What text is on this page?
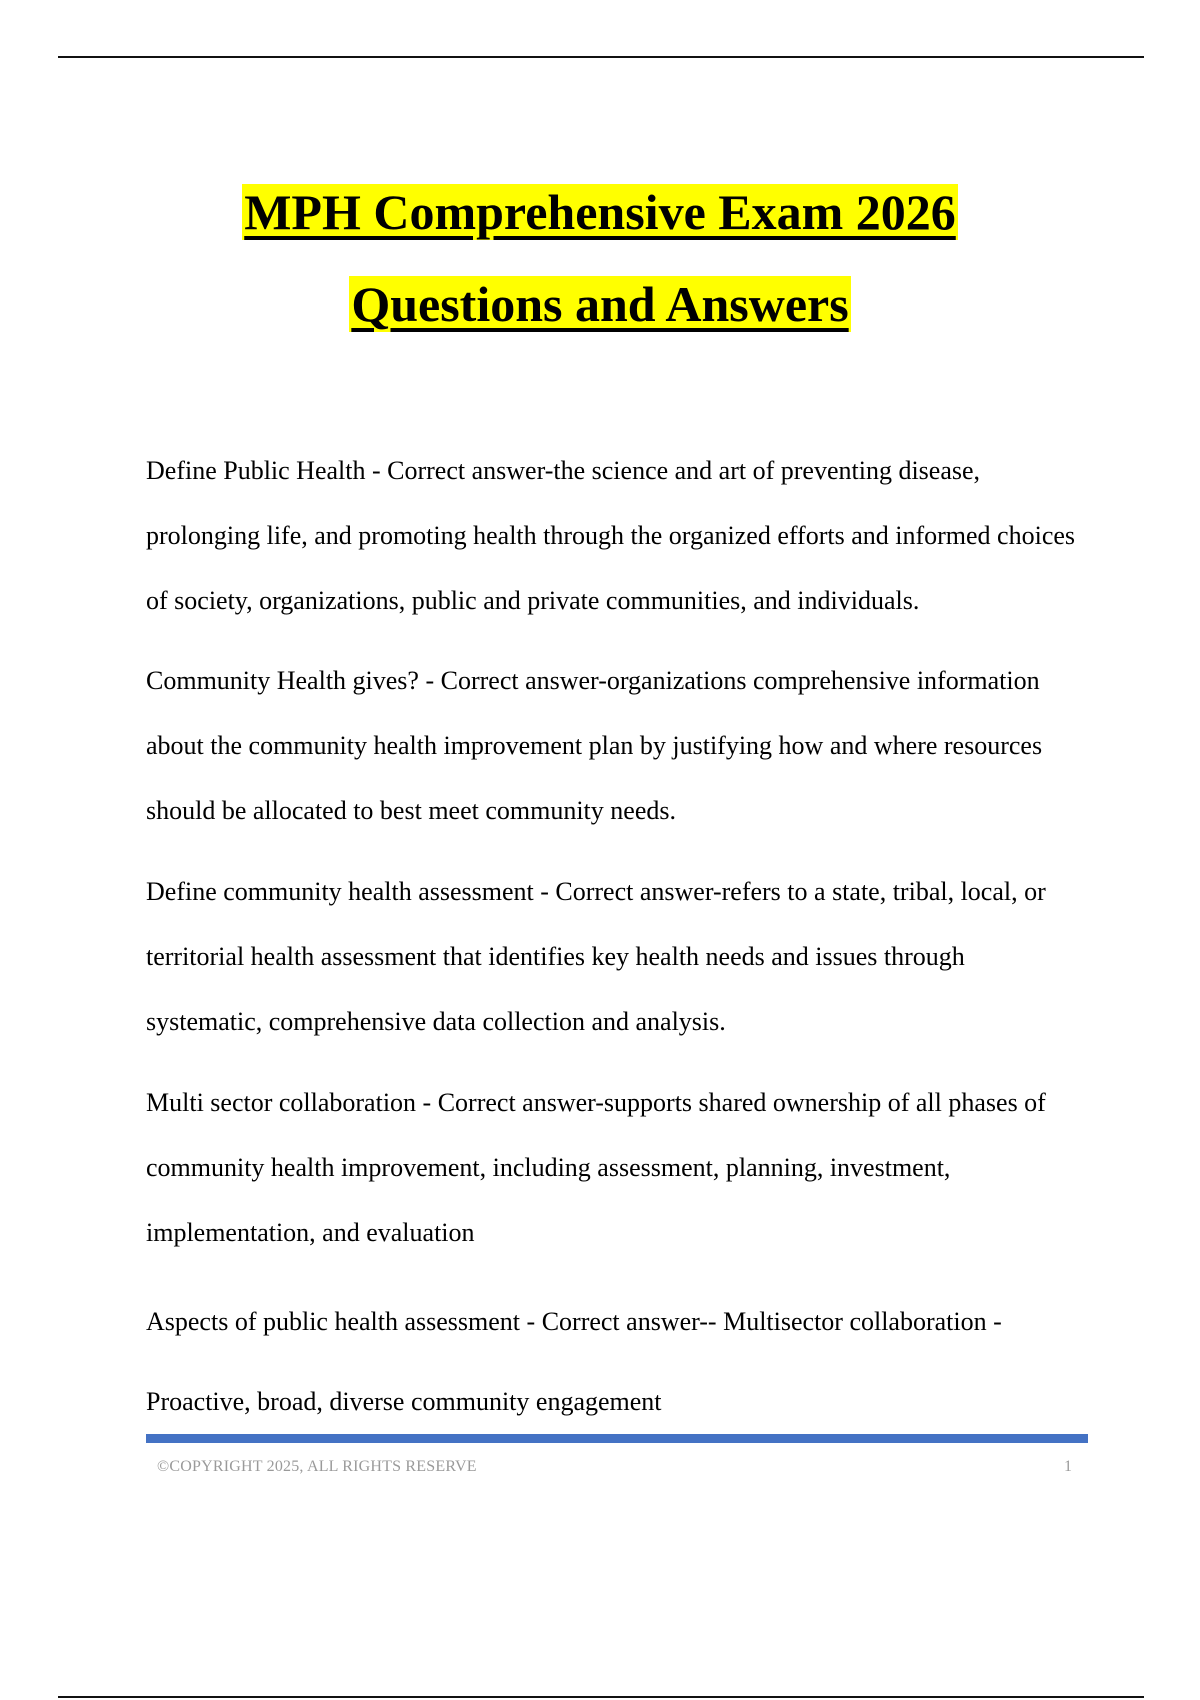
MPH Comprehensive Exam 2026
Questions and Answers

Define Public Health - Correct answer-the science and art of preventing disease, prolonging life, and promoting health through the organized efforts and informed choices of society, organizations, public and private communities, and individuals.

Community Health gives? - Correct answer-organizations comprehensive information about the community health improvement plan by justifying how and where resources should be allocated to best meet community needs.

Define community health assessment - Correct answer-refers to a state, tribal, local, or territorial health assessment that identifies key health needs and issues through systematic, comprehensive data collection and analysis.

Multi sector collaboration - Correct answer-supports shared ownership of all phases of community health improvement, including assessment, planning, investment, implementation, and evaluation

Aspects of public health assessment - Correct answer-- Multisector collaboration - Proactive, broad, diverse community engagement

©COPYRIGHT 2025, ALL RIGHTS RESERVE	1
